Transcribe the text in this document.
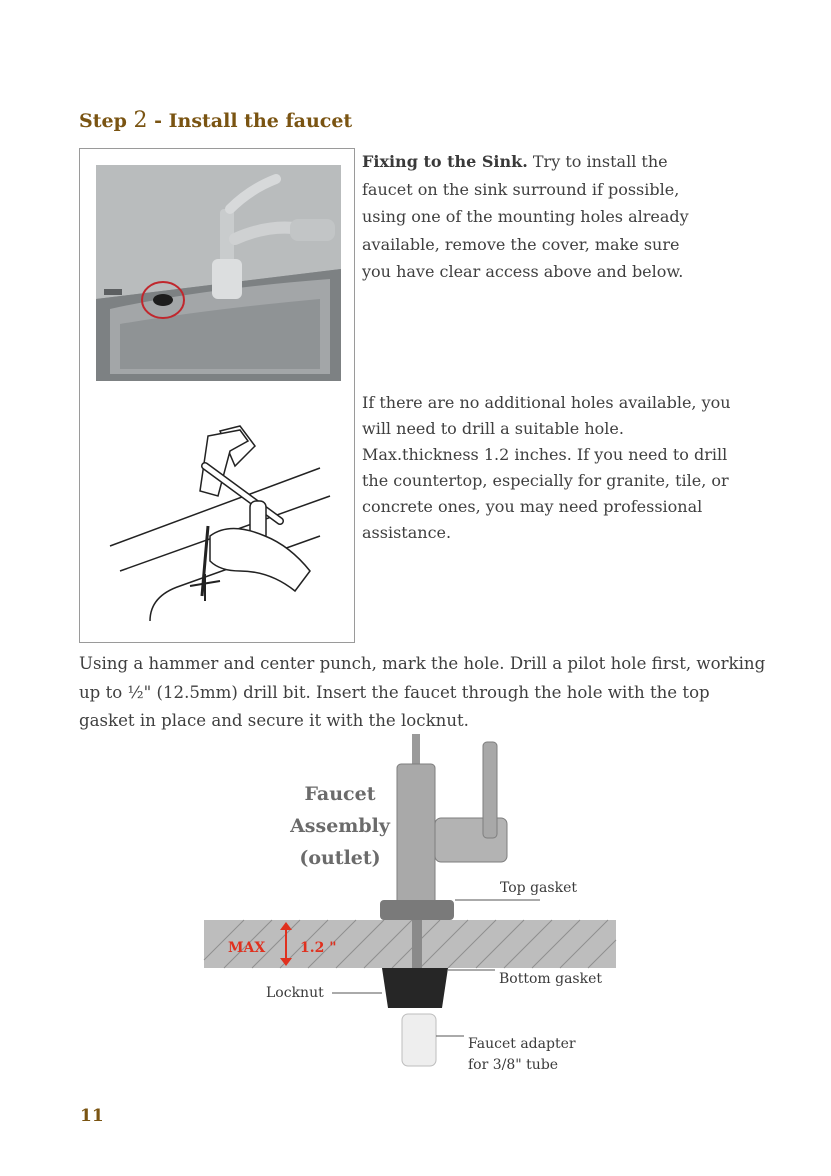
Step 2 - Install the faucet

Fixing to the Sink. Try to install the faucet on the sink surround if possible, using one of the mounting holes already available, remove the cover, make sure you have clear access above and below.

If there are no additional holes available, you will need to drill a suitable hole. Max.thickness 1.2 inches. If you need to drill the countertop, especially for granite, tile, or concrete ones, you may need professional assistance.

Using a hammer and center punch, mark the hole. Drill a pilot hole first, working up to ½" (12.5mm) drill bit. Insert the faucet through the hole with the top gasket in place and secure it with the locknut.

Faucet
Assembly
(outlet)
Top gasket
MAX 1.2 "
Bottom gasket
Locknut
Faucet adapter
for 3/8" tube

11
